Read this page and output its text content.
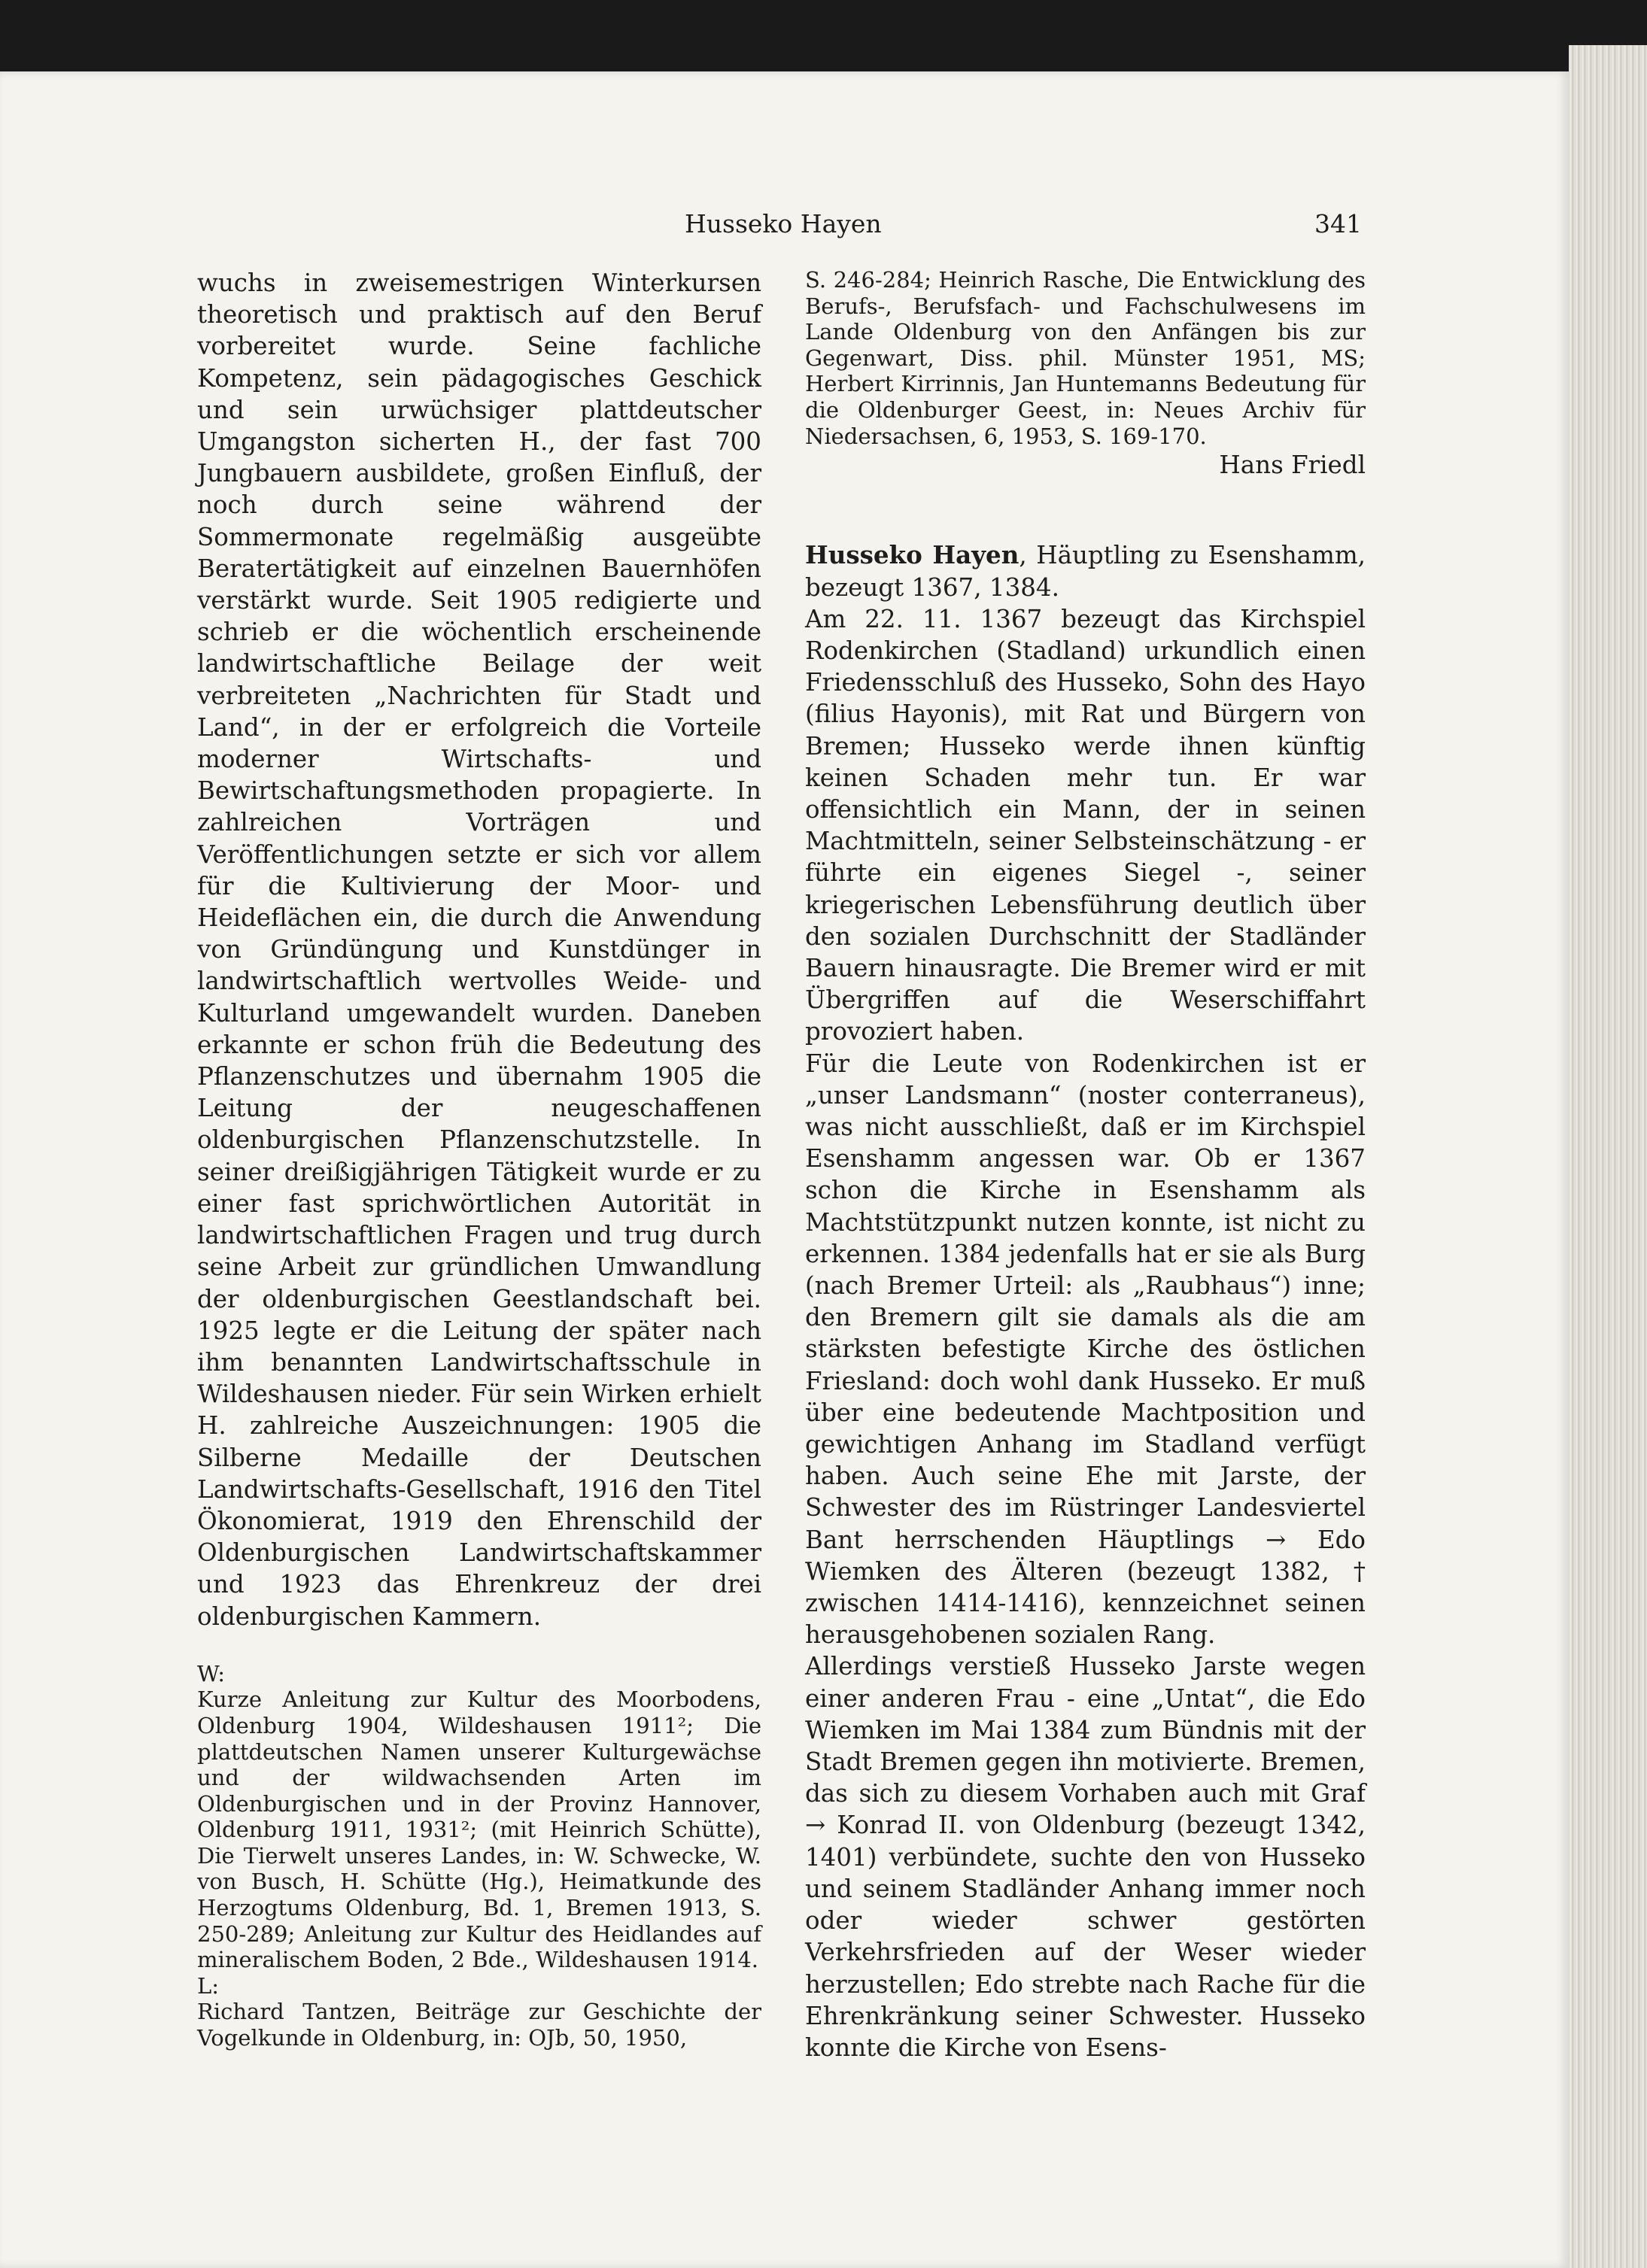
Husseko Hayen	341

wuchs in zweisemestrigen Winterkursen theoretisch und praktisch auf den Beruf vorbereitet wurde. Seine fachliche Kompetenz, sein pädagogisches Geschick und sein urwüchsiger plattdeutscher Umgangston sicherten H., der fast 700 Jungbauern ausbildete, großen Einfluß, der noch durch seine während der Sommermonate regelmäßig ausgeübte Beratertätigkeit auf einzelnen Bauernhöfen verstärkt wurde. Seit 1905 redigierte und schrieb er die wöchentlich erscheinende landwirtschaftliche Beilage der weit verbreiteten „Nachrichten für Stadt und Land“, in der er erfolgreich die Vorteile moderner Wirtschafts- und Bewirtschaftungsmethoden propagierte. In zahlreichen Vorträgen und Veröffentlichungen setzte er sich vor allem für die Kultivierung der Moor- und Heideflächen ein, die durch die Anwendung von Gründüngung und Kunstdünger in landwirtschaftlich wertvolles Weide- und Kulturland umgewandelt wurden. Daneben erkannte er schon früh die Bedeutung des Pflanzenschutzes und übernahm 1905 die Leitung der neugeschaffenen oldenburgischen Pflanzenschutzstelle. In seiner dreißigjährigen Tätigkeit wurde er zu einer fast sprichwörtlichen Autorität in landwirtschaftlichen Fragen und trug durch seine Arbeit zur gründlichen Umwandlung der oldenburgischen Geestlandschaft bei. 1925 legte er die Leitung der später nach ihm benannten Landwirtschaftsschule in Wildeshausen nieder. Für sein Wirken erhielt H. zahlreiche Auszeichnungen: 1905 die Silberne Medaille der Deutschen Landwirtschafts-Gesellschaft, 1916 den Titel Ökonomierat, 1919 den Ehrenschild der Oldenburgischen Landwirtschaftskammer und 1923 das Ehrenkreuz der drei oldenburgischen Kammern.

W:

Kurze Anleitung zur Kultur des Moorbodens, Oldenburg 1904, Wildeshausen 1911²; Die plattdeutschen Namen unserer Kulturgewächse und der wildwachsenden Arten im Oldenburgischen und in der Provinz Hannover, Oldenburg 1911, 1931²; (mit Heinrich Schütte), Die Tierwelt unseres Landes, in: W. Schwecke, W. von Busch, H. Schütte (Hg.), Heimatkunde des Herzogtums Oldenburg, Bd. 1, Bremen 1913, S. 250-289; Anleitung zur Kultur des Heidlandes auf mineralischem Boden, 2 Bde., Wildeshausen 1914.

L:

Richard Tantzen, Beiträge zur Geschichte der Vogelkunde in Oldenburg, in: OJb, 50, 1950,

S. 246-284; Heinrich Rasche, Die Entwicklung des Berufs-, Berufsfach- und Fachschulwesens im Lande Oldenburg von den Anfängen bis zur Gegenwart, Diss. phil. Münster 1951, MS; Herbert Kirrinnis, Jan Huntemanns Bedeutung für die Oldenburger Geest, in: Neues Archiv für Niedersachsen, 6, 1953, S. 169-170.

Hans Friedl

Husseko Hayen, Häuptling zu Esenshamm, bezeugt 1367, 1384.

Am 22. 11. 1367 bezeugt das Kirchspiel Rodenkirchen (Stadland) urkundlich einen Friedensschluß des Husseko, Sohn des Hayo (filius Hayonis), mit Rat und Bürgern von Bremen; Husseko werde ihnen künftig keinen Schaden mehr tun. Er war offensichtlich ein Mann, der in seinen Machtmitteln, seiner Selbsteinschätzung - er führte ein eigenes Siegel -, seiner kriegerischen Lebensführung deutlich über den sozialen Durchschnitt der Stadländer Bauern hinausragte. Die Bremer wird er mit Übergriffen auf die Weserschiffahrt provoziert haben.

Für die Leute von Rodenkirchen ist er „unser Landsmann“ (noster conterraneus), was nicht ausschließt, daß er im Kirchspiel Esenshamm angessen war. Ob er 1367 schon die Kirche in Esenshamm als Machtstützpunkt nutzen konnte, ist nicht zu erkennen. 1384 jedenfalls hat er sie als Burg (nach Bremer Urteil: als „Raubhaus“) inne; den Bremern gilt sie damals als die am stärksten befestigte Kirche des östlichen Friesland: doch wohl dank Husseko. Er muß über eine bedeutende Machtposition und gewichtigen Anhang im Stadland verfügt haben. Auch seine Ehe mit Jarste, der Schwester des im Rüstringer Landesviertel Bant herrschenden Häuptlings → Edo Wiemken des Älteren (bezeugt 1382, † zwischen 1414-1416), kennzeichnet seinen herausgehobenen sozialen Rang.

Allerdings verstieß Husseko Jarste wegen einer anderen Frau - eine „Untat“, die Edo Wiemken im Mai 1384 zum Bündnis mit der Stadt Bremen gegen ihn motivierte. Bremen, das sich zu diesem Vorhaben auch mit Graf → Konrad II. von Oldenburg (bezeugt 1342, 1401) verbündete, suchte den von Husseko und seinem Stadländer Anhang immer noch oder wieder schwer gestörten Verkehrsfrieden auf der Weser wieder herzustellen; Edo strebte nach Rache für die Ehrenkränkung seiner Schwester. Husseko konnte die Kirche von Esens-
